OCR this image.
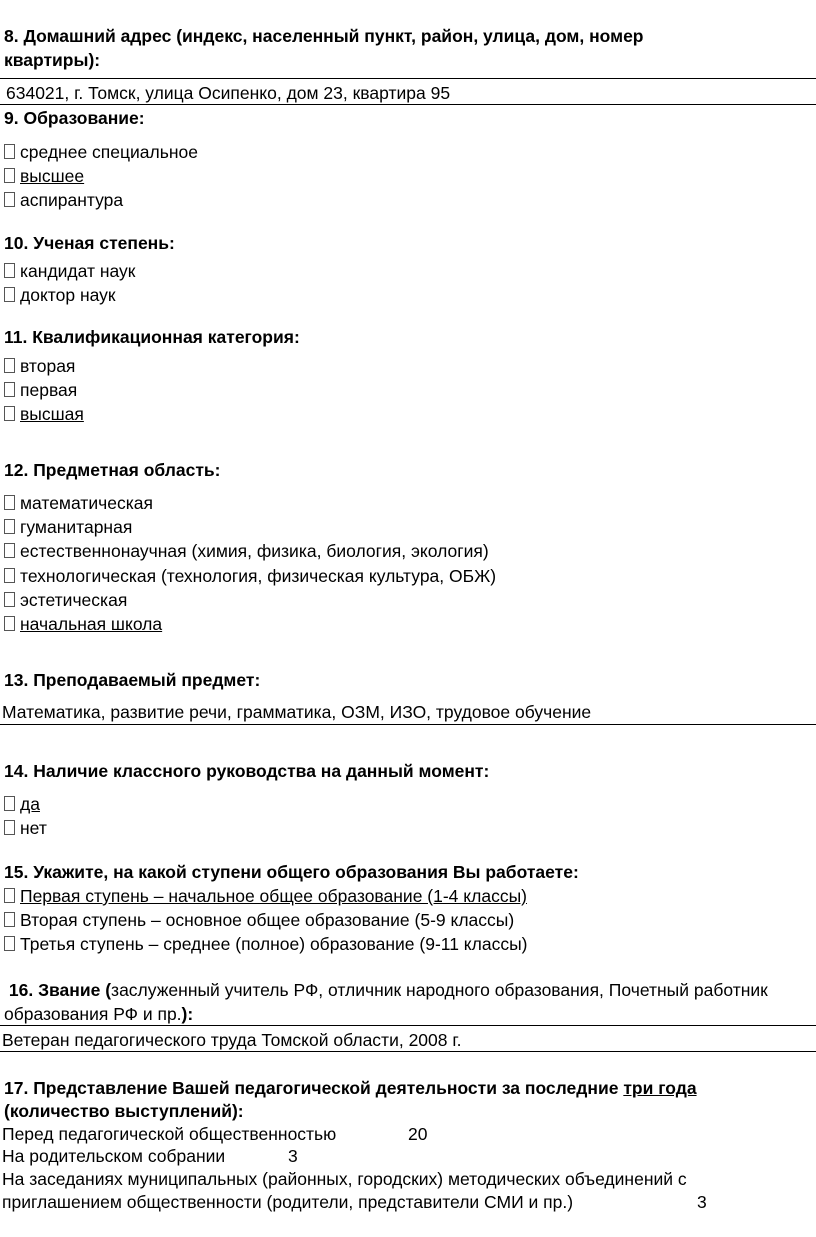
8. Домашний адрес (индекс, населенный пункт, район, улица, дом, номер квартиры):
634021, г. Томск, улица Осипенко, дом 23, квартира 95
9. Образование:
среднее специальное
высшее
аспирантура
10. Ученая степень:
кандидат наук
доктор наук
11. Квалификационная категория:
вторая
первая
высшая
12. Предметная область:
математическая
гуманитарная
естественнонаучная (химия, физика, биология, экология)
технологическая (технология, физическая культура, ОБЖ)
эстетическая
начальная школа
13. Преподаваемый предмет:
Математика, развитие речи, грамматика, ОЗМ, ИЗО, трудовое обучение
14. Наличие классного руководства на данный момент:
да
нет
15. Укажите, на какой ступени общего образования Вы работаете:
Первая ступень – начальное общее образование (1-4 классы)
Вторая ступень – основное общее образование (5-9 классы)
Третья ступень – среднее (полное) образование (9-11 классы)
16. Звание (заслуженный учитель РФ, отличник народного образования, Почетный работник образования РФ и пр.):
Ветеран педагогического труда Томской области, 2008 г.
17. Представление Вашей педагогической деятельности за последние три года
(количество выступлений):
Перед педагогической общественностью	20
На родительском собрании	3
На заседаниях муниципальных (районных, городских) методических объединений с
приглашением общественности (родители, представители СМИ и пр.)	3
